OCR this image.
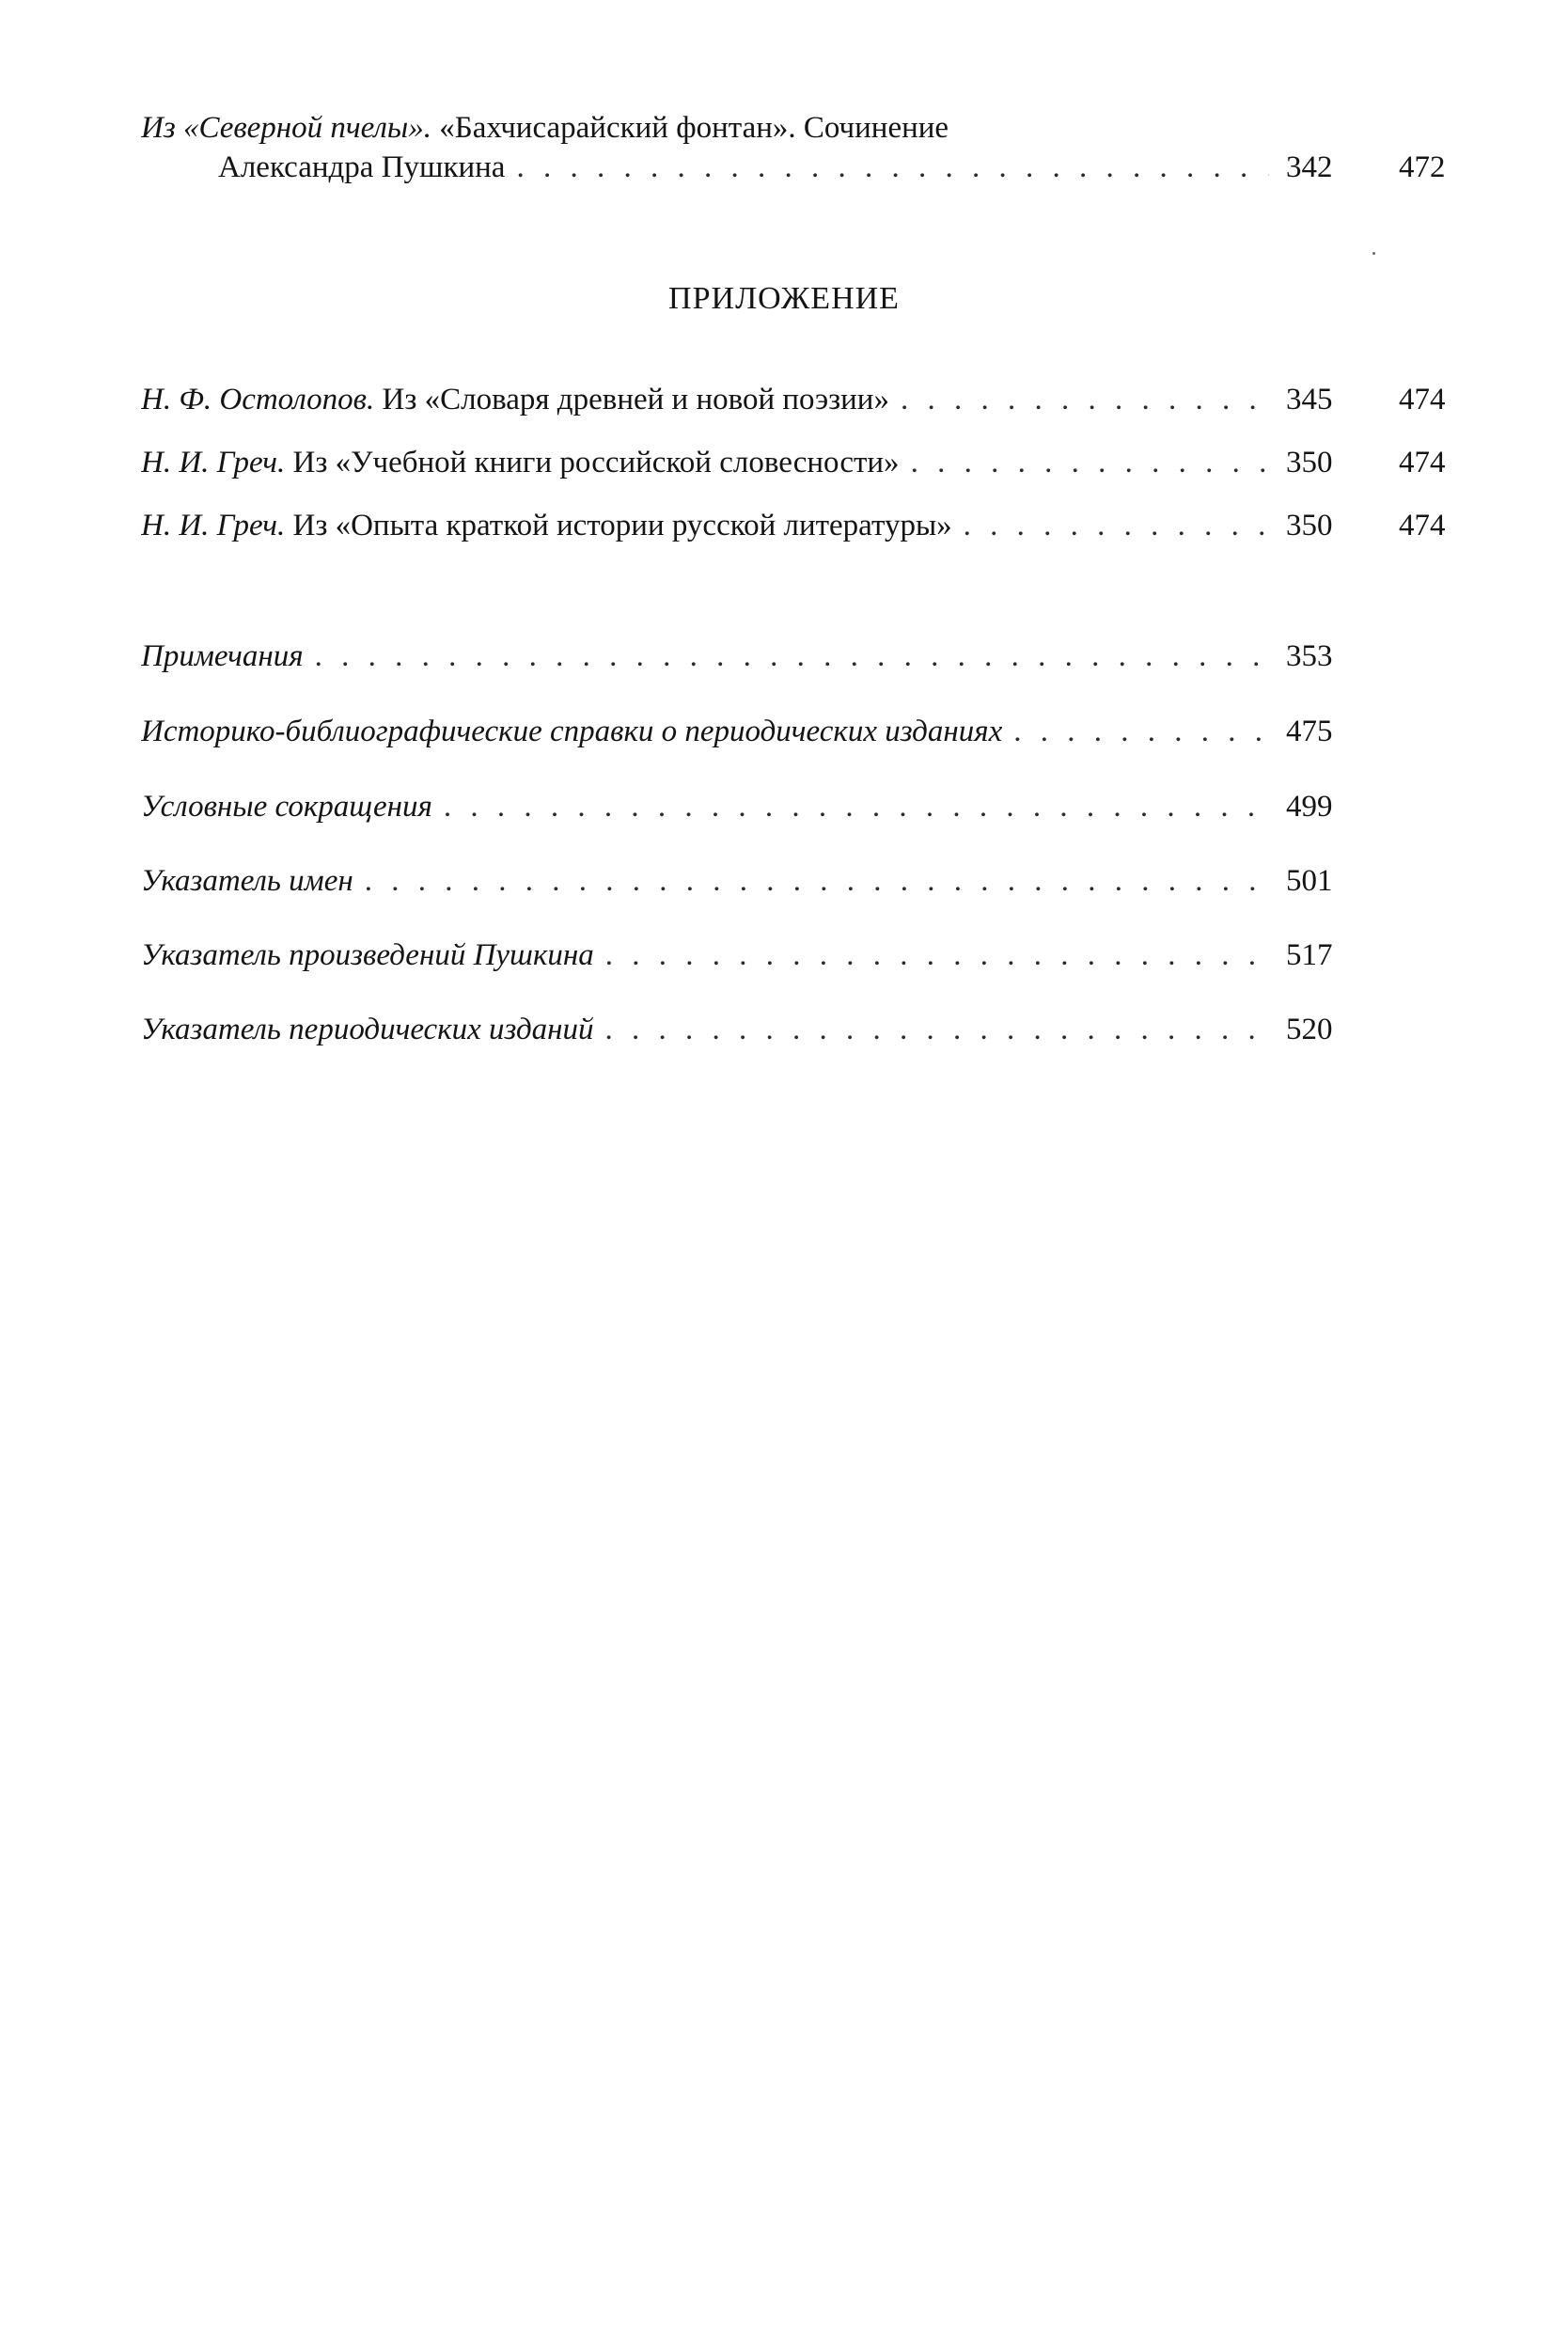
Из «Северной пчелы». «Бахчисарайский фонтан». Сочинение
Александра Пушкина . . .	342	472
ПРИЛОЖЕНИЕ
Н. Ф. Остолопов. Из «Словаря древней и новой поэзии» . . .	345	474
Н. И. Греч. Из «Учебной книги российской словесности» . . .	350	474
Н. И. Греч. Из «Опыта краткой истории русской литературы» . . .	350	474
Примечания . . .	353
Историко-библиографические справки о периодических изданиях . . .	475
Условные сокращения . . .	499
Указатель имен . . .	501
Указатель произведений Пушкина . . .	517
Указатель периодических изданий . . .	520
